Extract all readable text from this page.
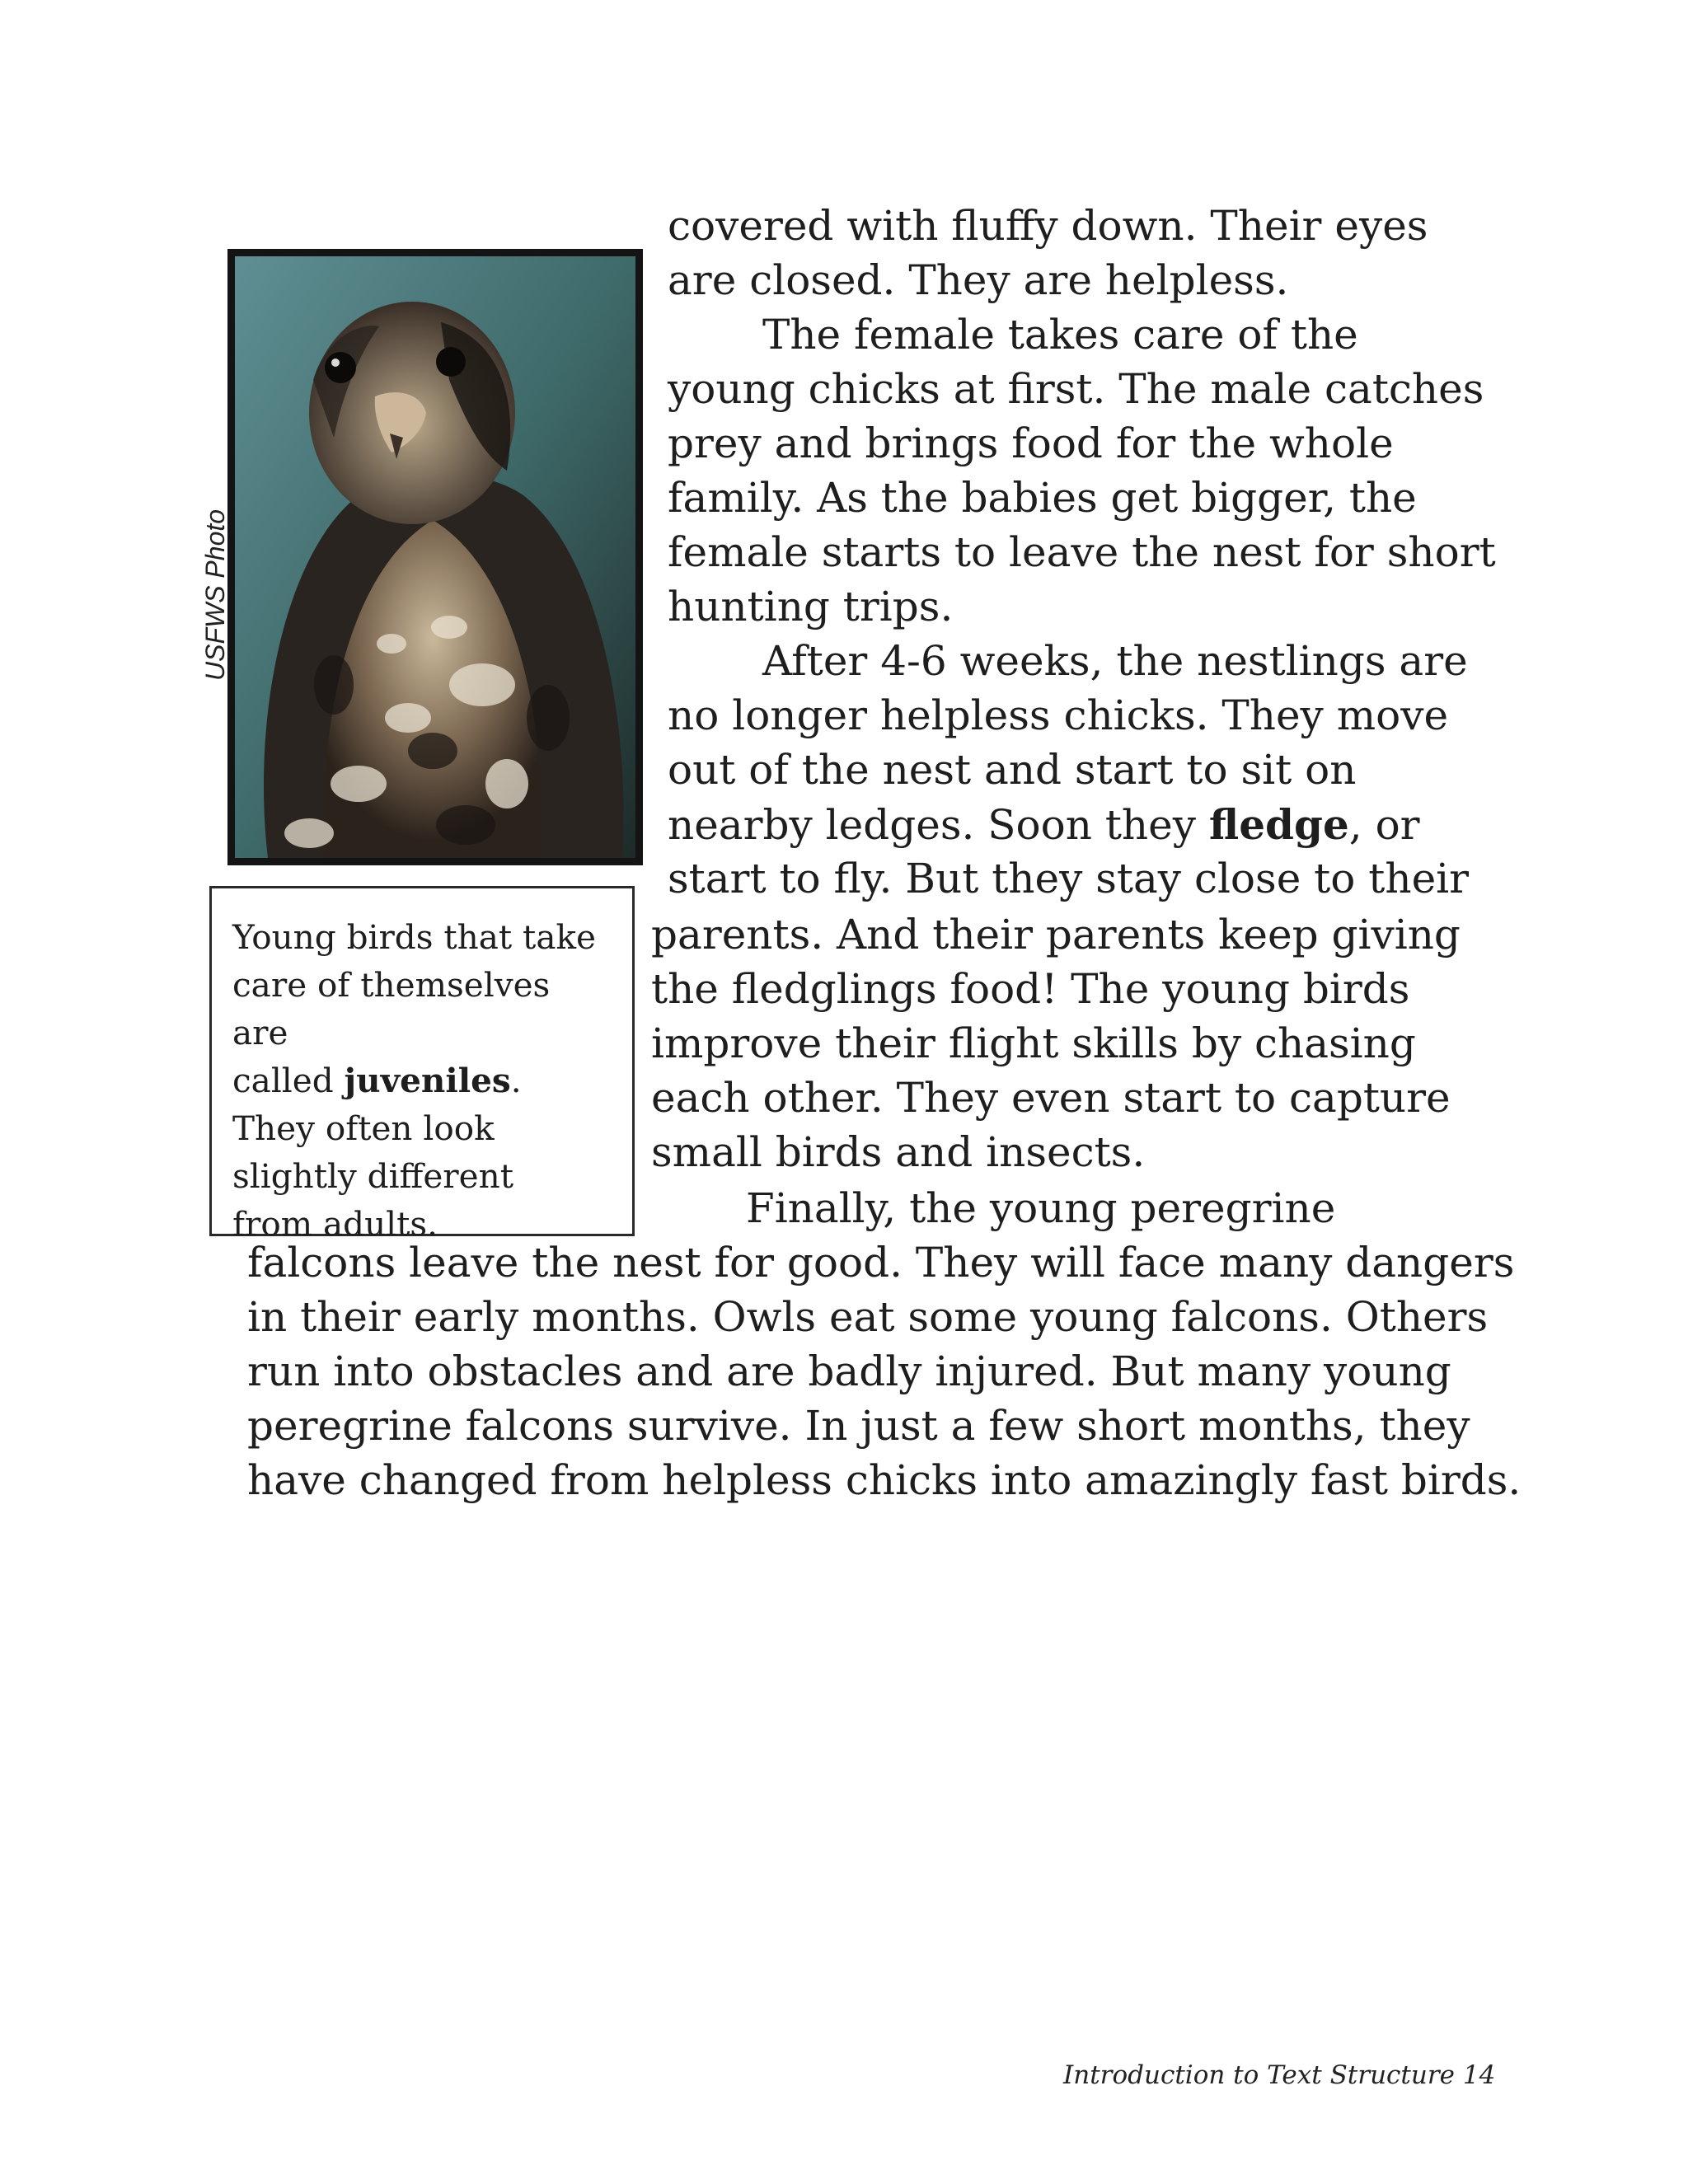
USFWS Photo
Young birds that take
care of themselves are
called juveniles.
They often look
slightly different
from adults.
covered with fluffy down. Their eyes
are closed. They are helpless.
The female takes care of the
young chicks at first. The male catches
prey and brings food for the whole
family. As the babies get bigger, the
female starts to leave the nest for short
hunting trips.
After 4-6 weeks, the nestlings are
no longer helpless chicks. They move
out of the nest and start to sit on
nearby ledges. Soon they fledge, or
start to fly. But they stay close to their
parents. And their parents keep giving
the fledglings food! The young birds
improve their flight skills by chasing
each other. They even start to capture
small birds and insects.
Finally, the young peregrine
falcons leave the nest for good. They will face many dangers
in their early months. Owls eat some young falcons. Others
run into obstacles and are badly injured. But many young
peregrine falcons survive. In just a few short months, they
have changed from helpless chicks into amazingly fast birds.
Introduction to Text Structure 14
